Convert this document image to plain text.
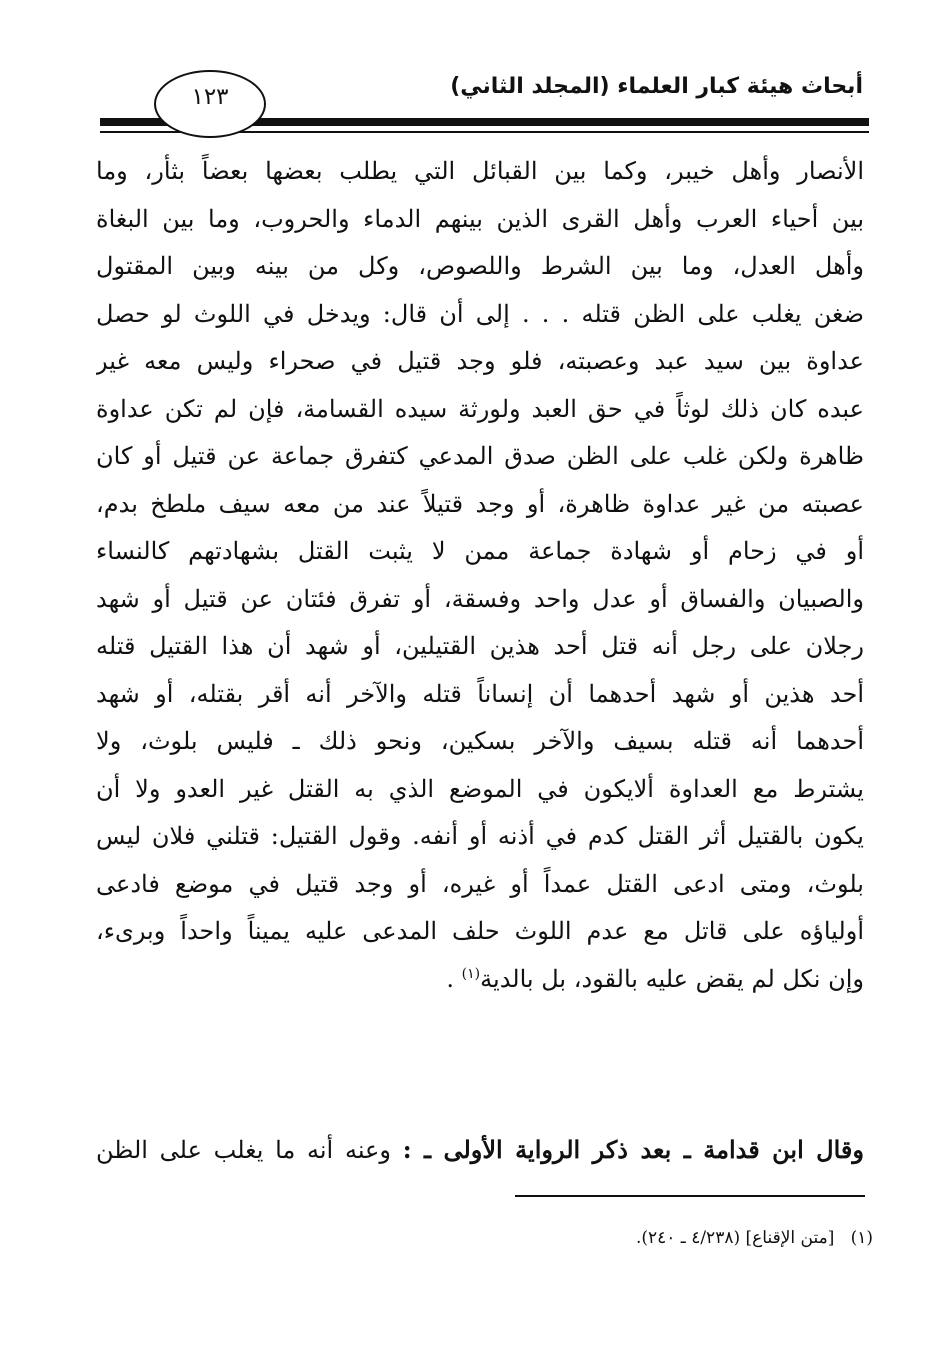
أبحاث هيئة كبار العلماء (المجلد الثاني)
١٢٣
الأنصار وأهل خيبر، وكما بين القبائل التي يطلب بعضها بعضاً بثأر، وما
بين أحياء العرب وأهل القرى الذين بينهم الدماء والحروب، وما بين البغاة
وأهل العدل، وما بين الشرط واللصوص، وكل من بينه وبين المقتول
ضغن يغلب على الظن قتله . . . إلى أن قال: ويدخل في اللوث لو حصل
عداوة بين سيد عبد وعصبته، فلو وجد قتيل في صحراء وليس معه غير
عبده كان ذلك لوثاً في حق العبد ولورثة سيده القسامة، فإن لم تكن عداوة
ظاهرة ولكن غلب على الظن صدق المدعي كتفرق جماعة عن قتيل أو كان
عصبته من غير عداوة ظاهرة، أو وجد قتيلاً عند من معه سيف ملطخ بدم،
أو في زحام أو شهادة جماعة ممن لا يثبت القتل بشهادتهم كالنساء
والصبيان والفساق أو عدل واحد وفسقة، أو تفرق فئتان عن قتيل أو شهد
رجلان على رجل أنه قتل أحد هذين القتيلين، أو شهد أن هذا القتيل قتله
أحد هذين أو شهد أحدهما أن إنساناً قتله والآخر أنه أقر بقتله، أو شهد
أحدهما أنه قتله بسيف والآخر بسكين، ونحو ذلك ـ فليس بلوث، ولا
يشترط مع العداوة ألايكون في الموضع الذي به القتل غير العدو ولا أن
يكون بالقتيل أثر القتل كدم في أذنه أو أنفه. وقول القتيل: قتلني فلان ليس
بلوث، ومتى ادعى القتل عمداً أو غيره، أو وجد قتيل في موضع فادعى
أولياؤه على قاتل مع عدم اللوث حلف المدعى عليه يميناً واحداً وبرىء،
وإن نكل لم يقض عليه بالقود، بل بالدية$^{(١)}$ .
وقال ابن قدامة ـ بعد ذكر الرواية الأولى ـ : وعنه أنه ما يغلب على الظن
(١)   [متن الإقناع] (٤/٢٣٨ ـ ٢٤٠).
